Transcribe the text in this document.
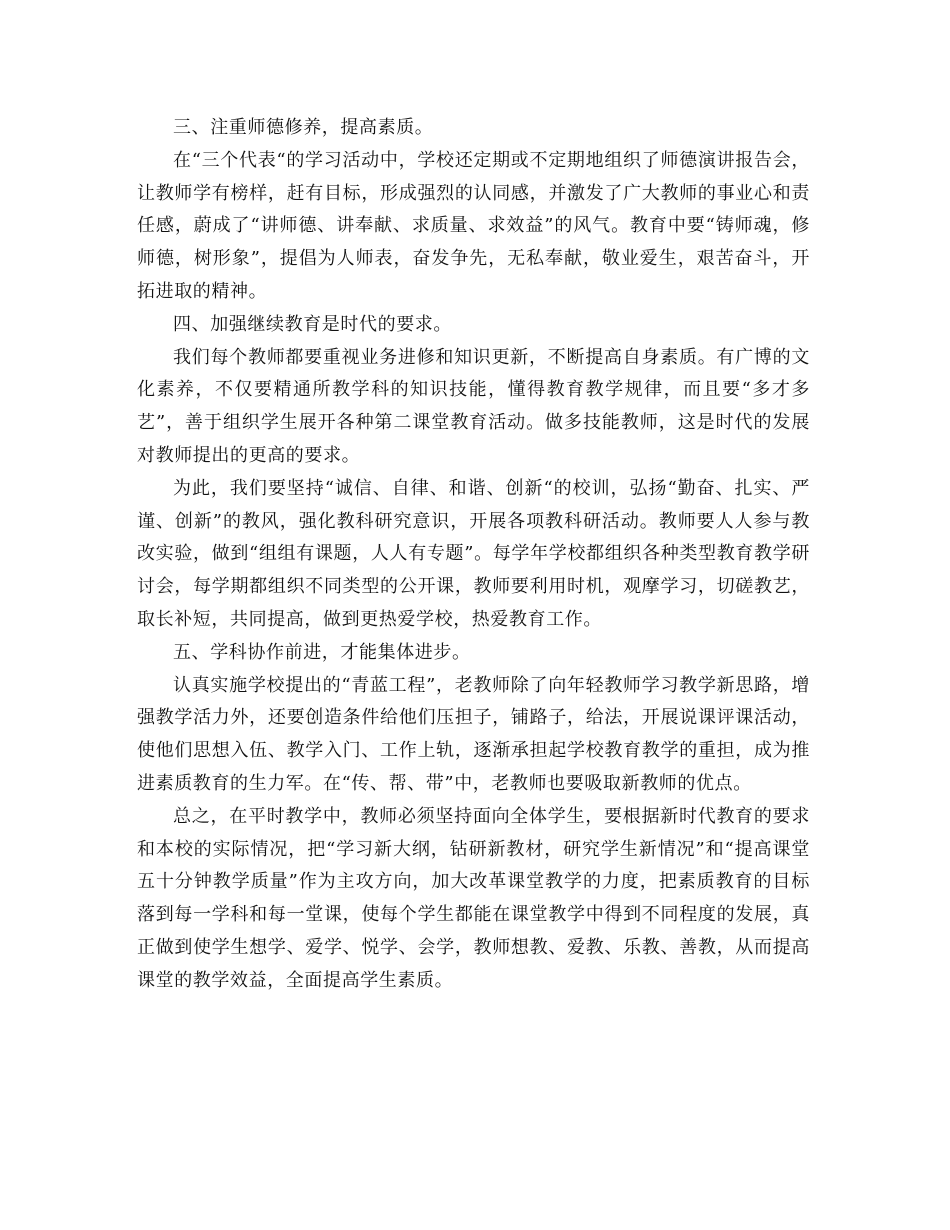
三、注重师德修养，提高素质。

在“三个代表“的学习活动中，学校还定期或不定期地组织了师德演讲报告会，让教师学有榜样，赶有目标，形成强烈的认同感，并激发了广大教师的事业心和责任感，蔚成了“讲师德、讲奉献、求质量、求效益”的风气。教育中要“铸师魂，修师德，树形象”，提倡为人师表，奋发争先，无私奉献，敬业爱生，艰苦奋斗，开拓进取的精神。

四、加强继续教育是时代的要求。

我们每个教师都要重视业务进修和知识更新，不断提高自身素质。有广博的文化素养，不仅要精通所教学科的知识技能，懂得教育教学规律，而且要“多才多艺”，善于组织学生展开各种第二课堂教育活动。做多技能教师，这是时代的发展对教师提出的更高的要求。

为此，我们要坚持“诚信、自律、和谐、创新“的校训，弘扬“勤奋、扎实、严谨、创新”的教风，强化教科研究意识，开展各项教科研活动。教师要人人参与教改实验，做到“组组有课题，人人有专题”。每学年学校都组织各种类型教育教学研讨会，每学期都组织不同类型的公开课，教师要利用时机，观摩学习，切磋教艺，取长补短，共同提高，做到更热爱学校，热爱教育工作。

五、学科协作前进，才能集体进步。

认真实施学校提出的“青蓝工程”，老教师除了向年轻教师学习教学新思路，增强教学活力外，还要创造条件给他们压担子，铺路子，给法，开展说课评课活动，使他们思想入伍、教学入门、工作上轨，逐渐承担起学校教育教学的重担，成为推进素质教育的生力军。在“传、帮、带”中，老教师也要吸取新教师的优点。

总之，在平时教学中，教师必须坚持面向全体学生，要根据新时代教育的要求和本校的实际情况，把“学习新大纲，钻研新教材，研究学生新情况”和“提高课堂五十分钟教学质量”作为主攻方向，加大改革课堂教学的力度，把素质教育的目标落到每一学科和每一堂课，使每个学生都能在课堂教学中得到不同程度的发展，真正做到使学生想学、爱学、悦学、会学，教师想教、爱教、乐教、善教，从而提高课堂的教学效益，全面提高学生素质。
